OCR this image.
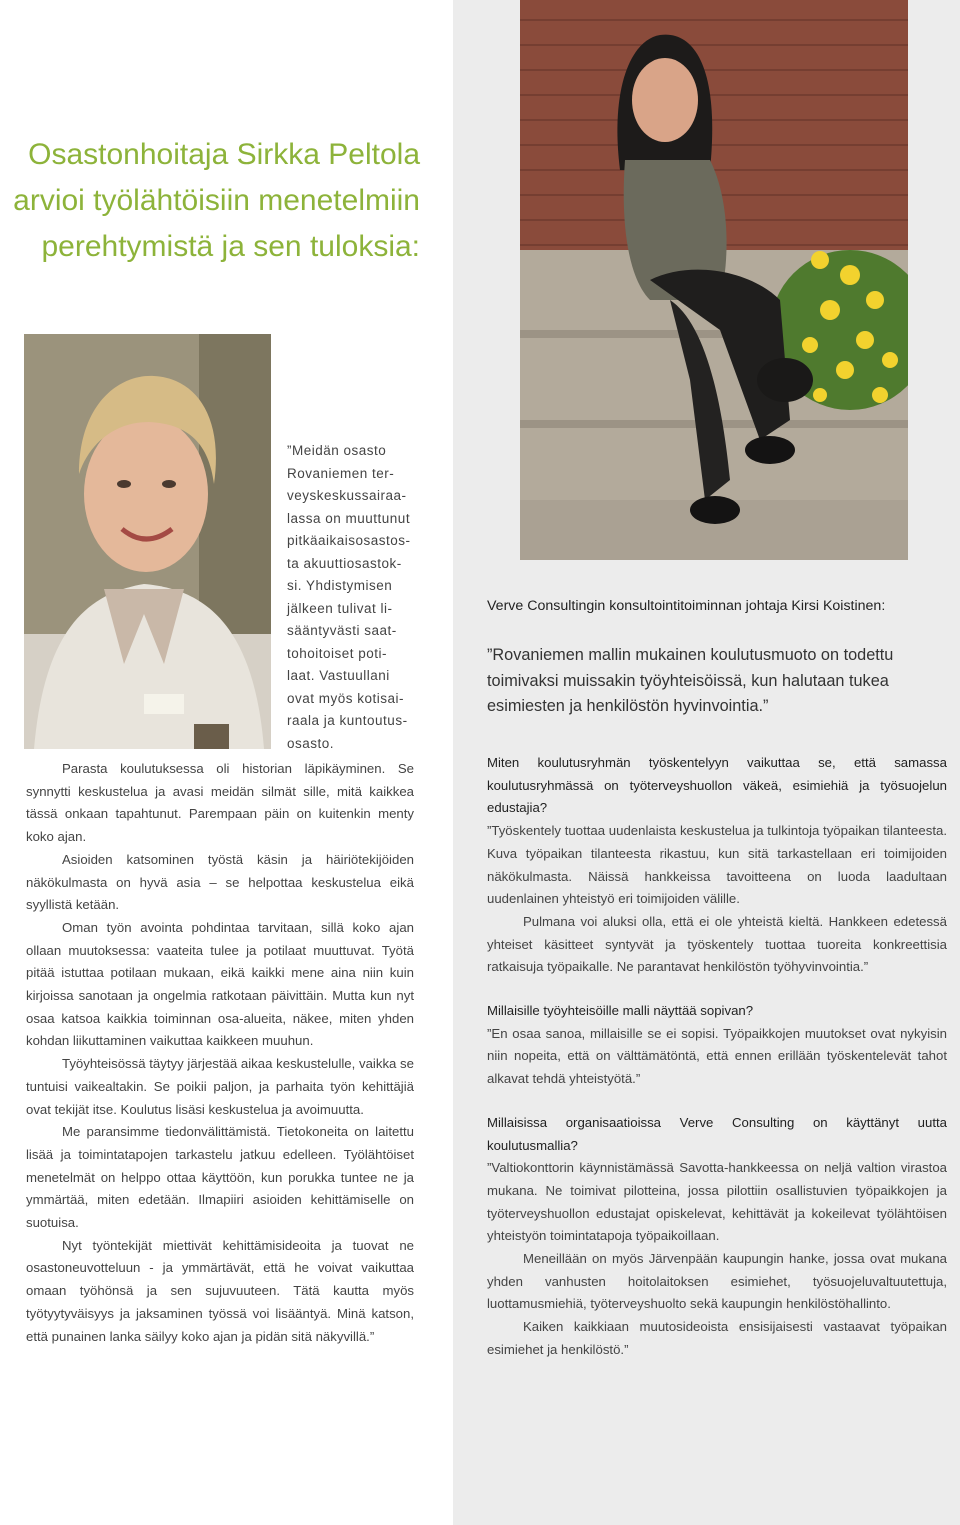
Osastonhoitaja Sirkka Peltola
arvioi työlähtöisiin menetelmiin
perehtymistä ja sen tuloksia:
”Meidän osasto
Rovaniemen ter-
veyskeskussairaa-
lassa on muuttunut
pitkäaikaisosastos-
ta akuuttiosastok-
si. Yhdistymisen
jälkeen tulivat li-
sääntyvästi saat-
tohoitoiset poti-
laat. Vastuullani
ovat myös kotisai-
raala ja kuntoutus-
osasto.

Parasta koulutuksessa oli historian läpikäyminen. Se synnytti keskustelua ja avasi meidän silmät sille, mitä kaikkea tässä onkaan tapahtunut. Parempaan päin on kuitenkin menty koko ajan.

Asioiden katsominen työstä käsin ja häiriötekijöiden näkökulmasta on hyvä asia – se helpottaa keskustelua eikä syyllistä ketään.

Oman työn avointa pohdintaa tarvitaan, sillä koko ajan ollaan muutoksessa: vaateita tulee ja potilaat muuttuvat. Työtä pitää istuttaa potilaan mukaan, eikä kaikki mene aina niin kuin kirjoissa sanotaan ja ongelmia ratkotaan päivittäin. Mutta kun nyt osaa katsoa kaikkia toiminnan osa-alueita, näkee, miten yhden kohdan liikuttaminen vaikuttaa kaikkeen muuhun.

Työyhteisössä täytyy järjestää aikaa keskustelulle, vaikka se tuntuisi vaikealtakin. Se poikii paljon, ja parhaita työn kehittäjiä ovat tekijät itse. Koulutus lisäsi keskustelua ja avoimuutta.

Me paransimme tiedonvälittämistä. Tietokoneita on laitettu lisää ja toimintatapojen tarkastelu jatkuu edelleen. Työlähtöiset menetelmät on helppo ottaa käyttöön, kun porukka tuntee ne ja ymmärtää, miten edetään. Ilmapiiri asioiden kehittämiselle on suotuisa.

Nyt työntekijät miettivät kehittämisideoita ja tuovat ne osastoneuvotteluun - ja ymmärtävät, että he voivat vaikuttaa omaan työhönsä ja sen sujuvuuteen. Tätä kautta myös työtyytyväisyys ja jaksaminen työssä voi lisääntyä. Minä katson, että punainen lanka säilyy koko ajan ja pidän sitä näkyvillä.”

Verve Consultingin konsultointitoiminnan johtaja Kirsi Koistinen:
”Rovaniemen mallin mukainen koulutusmuoto on todettu toimivaksi muissakin työyhteisöissä, kun halutaan tukea esimiesten ja henkilöstön hyvinvointia.”

Miten koulutusryhmän työskentelyyn vaikuttaa se, että samassa koulutusryhmässä on työterveyshuollon väkeä, esimiehiä ja työsuojelun edustajia?

”Työskentely tuottaa uudenlaista keskustelua ja tulkintoja työpaikan tilanteesta. Kuva työpaikan tilanteesta rikastuu, kun sitä tarkastellaan eri toimijoiden näkökulmasta. Näissä hankkeissa tavoitteena on luoda laadultaan uudenlainen yhteistyö eri toimijoiden välille.

Pulmana voi aluksi olla, että ei ole yhteistä kieltä. Hankkeen edetessä yhteiset käsitteet syntyvät ja työskentely tuottaa tuoreita konkreettisia ratkaisuja työpaikalle. Ne parantavat henkilöstön työhyvinvointia.”

Millaisille työyhteisöille malli näyttää sopivan?

”En osaa sanoa, millaisille se ei sopisi. Työpaikkojen muutokset ovat nykyisin niin nopeita, että on välttämätöntä, että ennen erillään työskentelevät tahot alkavat tehdä yhteistyötä.”

Millaisissa organisaatioissa Verve Consulting on käyttänyt uutta koulutusmallia?

”Valtiokonttorin käynnistämässä Savotta-hankkeessa on neljä valtion virastoa mukana. Ne toimivat pilotteina, jossa pilottiin osallistuvien työpaikkojen ja työterveyshuollon edustajat opiskelevat, kehittävät ja kokeilevat työlähtöisen yhteistyön toimintatapoja työpaikoillaan.

Meneillään on myös Järvenpään kaupungin hanke, jossa ovat mukana yhden vanhusten hoitolaitoksen esimiehet, työsuojeluvaltuutettuja, luottamusmiehiä, työterveyshuolto sekä kaupungin henkilöstöhallinto.

Kaiken kaikkiaan muutosideoista ensisijaisesti vastaavat työpaikan esimiehet ja henkilöstö.”
